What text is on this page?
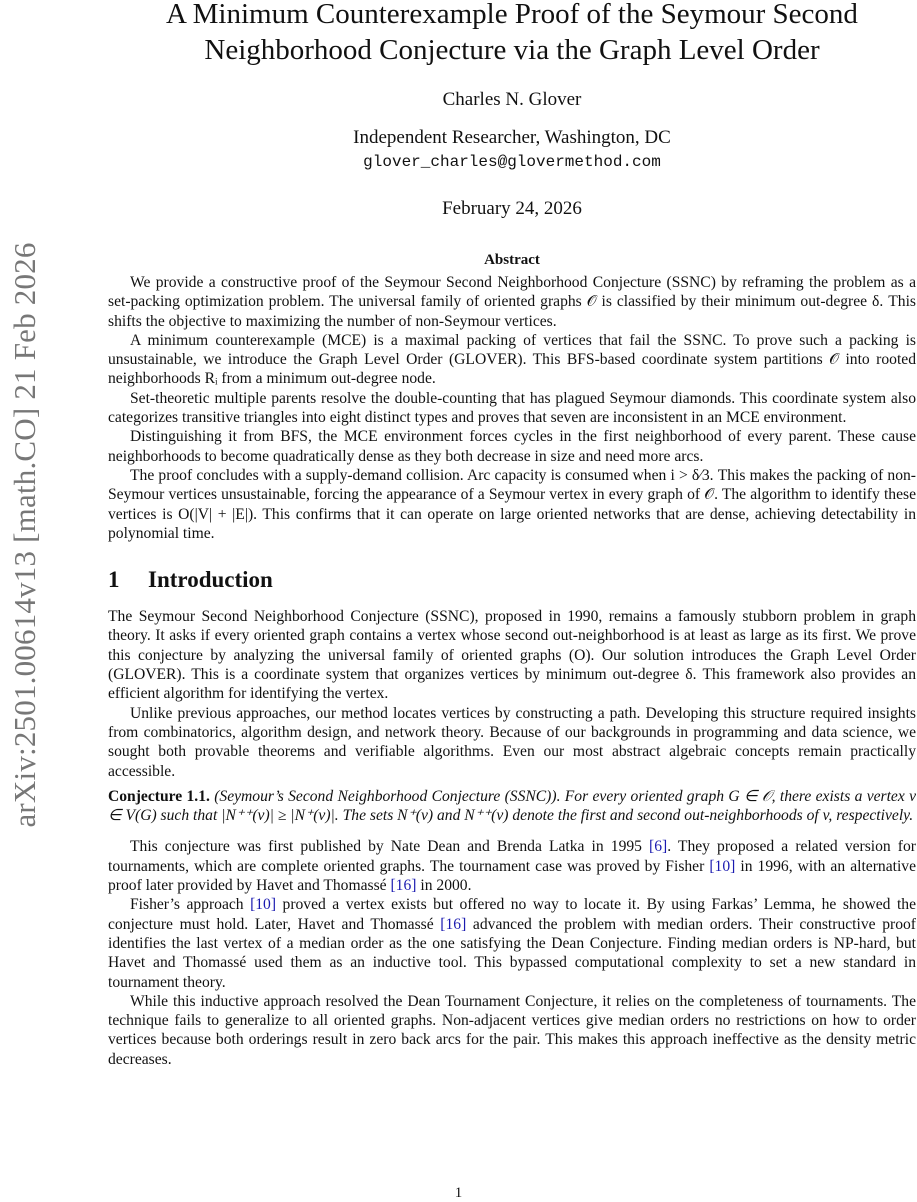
arXiv:2501.00614v13 [math.CO] 21 Feb 2026
A Minimum Counterexample Proof of the Seymour Second
Neighborhood Conjecture via the Graph Level Order
Charles N. Glover
Independent Researcher, Washington, DC
glover_charles@glovermethod.com
February 24, 2026
Abstract

We provide a constructive proof of the Seymour Second Neighborhood Conjecture (SSNC) by reframing the problem as a set-packing optimization problem. The universal family of oriented graphs 𝒪 is classified by their minimum out-degree δ. This shifts the objective to maximizing the number of non-Seymour vertices.

A minimum counterexample (MCE) is a maximal packing of vertices that fail the SSNC. To prove such a packing is unsustainable, we introduce the Graph Level Order (GLOVER). This BFS-based coordinate system partitions 𝒪 into rooted neighborhoods Rᵢ from a minimum out-degree node.

Set-theoretic multiple parents resolve the double-counting that has plagued Seymour diamonds. This coordinate system also categorizes transitive triangles into eight distinct types and proves that seven are inconsistent in an MCE environment.

Distinguishing it from BFS, the MCE environment forces cycles in the first neighborhood of every parent. These cause neighborhoods to become quadratically dense as they both decrease in size and need more arcs.

The proof concludes with a supply-demand collision. Arc capacity is consumed when i > δ⁄3. This makes the packing of non-Seymour vertices unsustainable, forcing the appearance of a Seymour vertex in every graph of 𝒪. The algorithm to identify these vertices is O(|V| + |E|). This confirms that it can operate on large oriented networks that are dense, achieving detectability in polynomial time.

1 Introduction

The Seymour Second Neighborhood Conjecture (SSNC), proposed in 1990, remains a famously stubborn problem in graph theory. It asks if every oriented graph contains a vertex whose second out-neighborhood is at least as large as its first. We prove this conjecture by analyzing the universal family of oriented graphs (O). Our solution introduces the Graph Level Order (GLOVER). This is a coordinate system that organizes vertices by minimum out-degree δ. This framework also provides an efficient algorithm for identifying the vertex.

Unlike previous approaches, our method locates vertices by constructing a path. Developing this structure required insights from combinatorics, algorithm design, and network theory. Because of our backgrounds in programming and data science, we sought both provable theorems and verifiable algorithms. Even our most abstract algebraic concepts remain practically accessible.

Conjecture 1.1. (Seymour’s Second Neighborhood Conjecture (SSNC)). For every oriented graph G ∈ 𝒪, there exists a vertex v ∈ V(G) such that |N⁺⁺(v)| ≥ |N⁺(v)|. The sets N⁺(v) and N⁺⁺(v) denote the first and second out-neighborhoods of v, respectively.

This conjecture was first published by Nate Dean and Brenda Latka in 1995 [6]. They proposed a related version for tournaments, which are complete oriented graphs. The tournament case was proved by Fisher [10] in 1996, with an alternative proof later provided by Havet and Thomassé [16] in 2000.

Fisher’s approach [10] proved a vertex exists but offered no way to locate it. By using Farkas’ Lemma, he showed the conjecture must hold. Later, Havet and Thomassé [16] advanced the problem with median orders. Their constructive proof identifies the last vertex of a median order as the one satisfying the Dean Conjecture. Finding median orders is NP-hard, but Havet and Thomassé used them as an inductive tool. This bypassed computational complexity to set a new standard in tournament theory.

While this inductive approach resolved the Dean Tournament Conjecture, it relies on the completeness of tournaments. The technique fails to generalize to all oriented graphs. Non-adjacent vertices give median orders no restrictions on how to order vertices because both orderings result in zero back arcs for the pair. This makes this approach ineffective as the density metric decreases.

1
